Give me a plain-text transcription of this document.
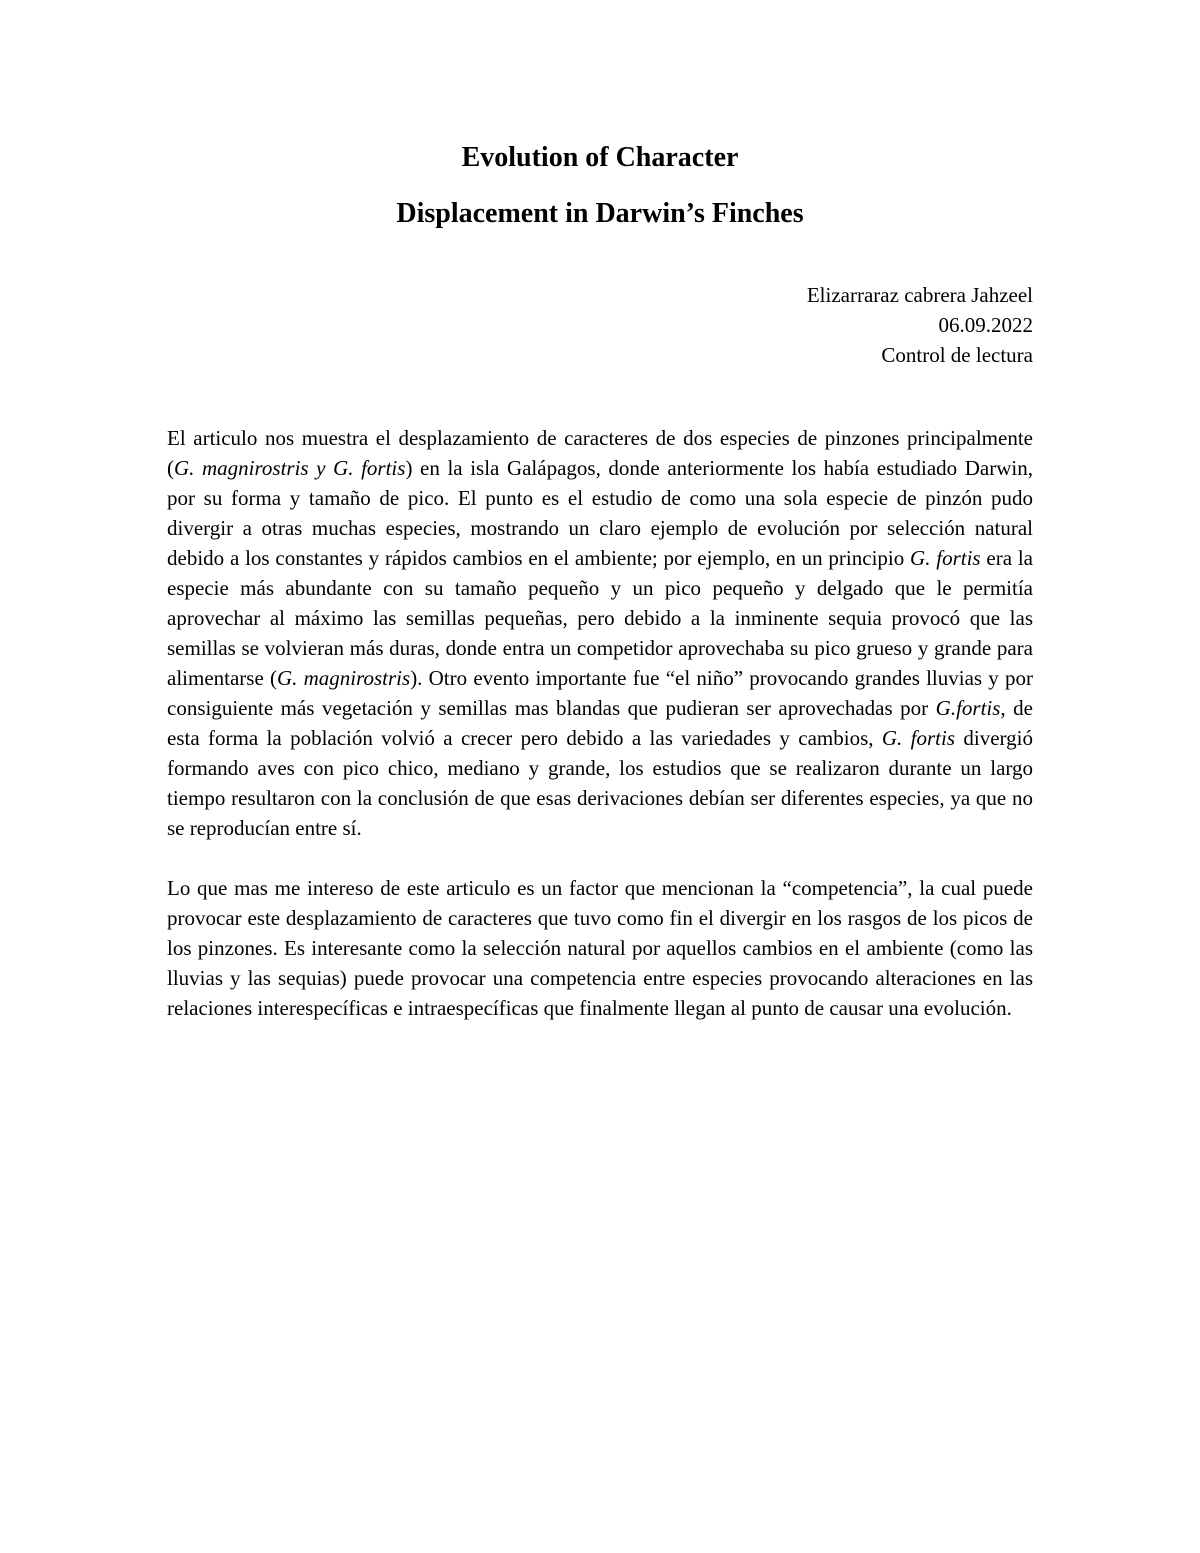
Evolution of Character
Displacement in Darwin’s Finches
Elizarraraz cabrera Jahzeel
06.09.2022
Control de lectura

El articulo nos muestra el desplazamiento de caracteres de dos especies de pinzones principalmente (G. magnirostris y G. fortis) en la isla Galápagos, donde anteriormente los había estudiado Darwin, por su forma y tamaño de pico. El punto es el estudio de como una sola especie de pinzón pudo divergir a otras muchas especies, mostrando un claro ejemplo de evolución por selección natural debido a los constantes y rápidos cambios en el ambiente; por ejemplo, en un principio G. fortis era la especie más abundante con su tamaño pequeño y un pico pequeño y delgado que le permitía aprovechar al máximo las semillas pequeñas, pero debido a la inminente sequia provocó que las semillas se volvieran más duras, donde entra un competidor aprovechaba su pico grueso y grande para alimentarse (G. magnirostris). Otro evento importante fue “el niño” provocando grandes lluvias y por consiguiente más vegetación y semillas mas blandas que pudieran ser aprovechadas por G.fortis, de esta forma la población volvió a crecer pero debido a las variedades y cambios, G. fortis divergió formando aves con pico chico, mediano y grande, los estudios que se realizaron durante un largo tiempo resultaron con la conclusión de que esas derivaciones debían ser diferentes especies, ya que no se reproducían entre sí.

Lo que mas me intereso de este articulo es un factor que mencionan la “competencia”, la cual puede provocar este desplazamiento de caracteres que tuvo como fin el divergir en los rasgos de los picos de los pinzones. Es interesante como la selección natural por aquellos cambios en el ambiente (como las lluvias y las sequias) puede provocar una competencia entre especies provocando alteraciones en las relaciones interespecíficas e intraespecíficas que finalmente llegan al punto de causar una evolución.
